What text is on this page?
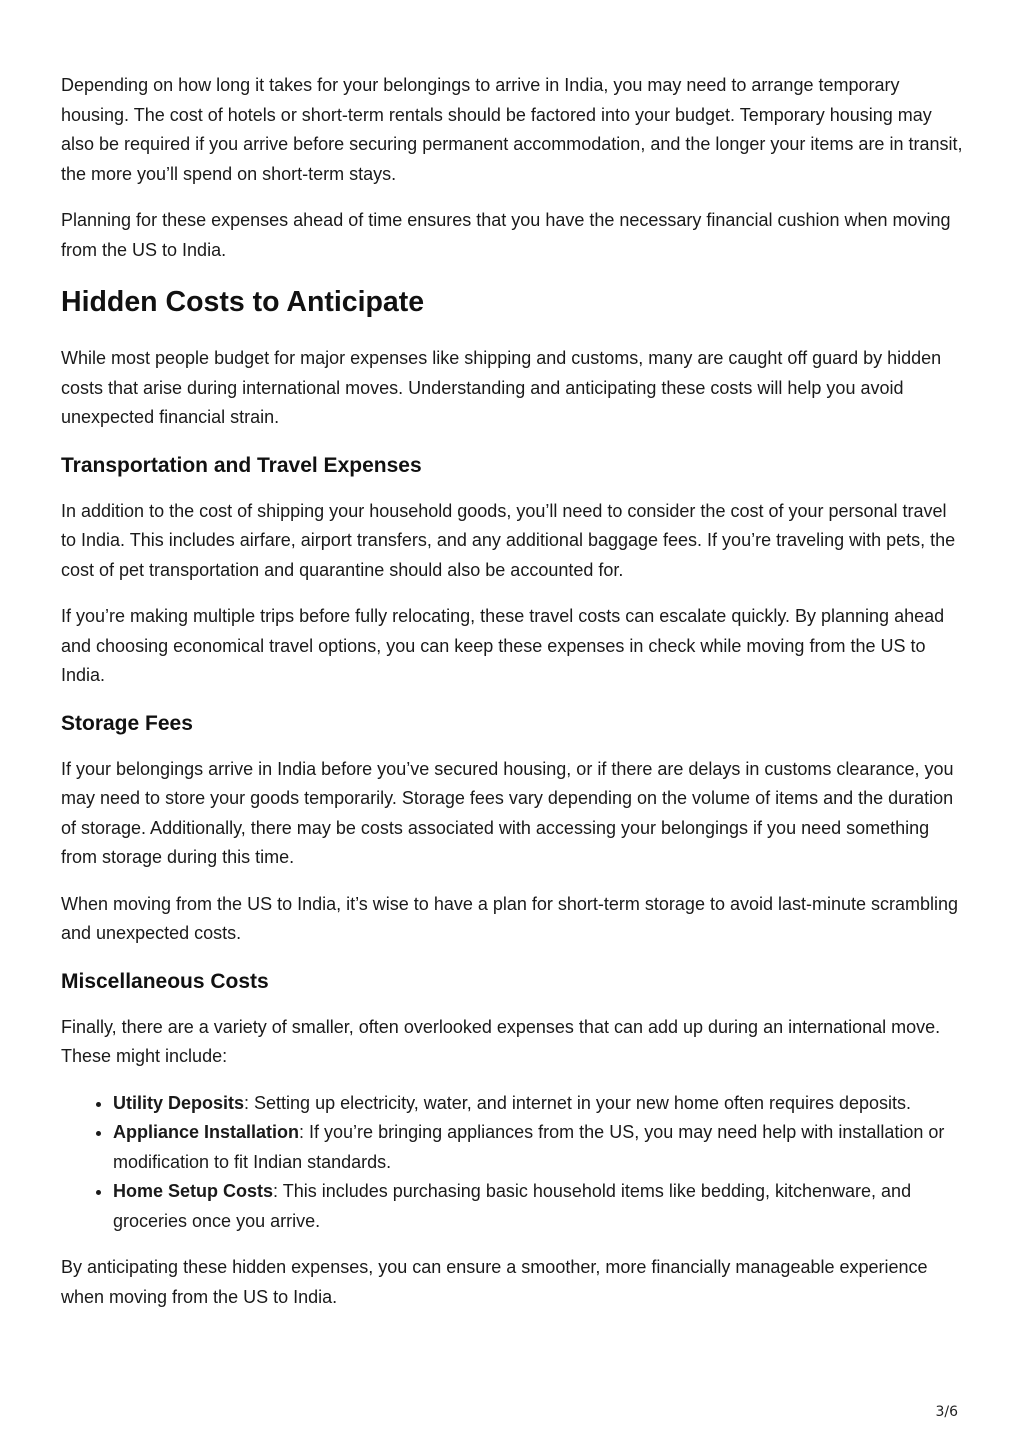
Depending on how long it takes for your belongings to arrive in India, you may need to arrange temporary housing. The cost of hotels or short-term rentals should be factored into your budget. Temporary housing may also be required if you arrive before securing permanent accommodation, and the longer your items are in transit, the more you’ll spend on short-term stays.

Planning for these expenses ahead of time ensures that you have the necessary financial cushion when moving from the US to India.

Hidden Costs to Anticipate

While most people budget for major expenses like shipping and customs, many are caught off guard by hidden costs that arise during international moves. Understanding and anticipating these costs will help you avoid unexpected financial strain.

Transportation and Travel Expenses

In addition to the cost of shipping your household goods, you’ll need to consider the cost of your personal travel to India. This includes airfare, airport transfers, and any additional baggage fees. If you’re traveling with pets, the cost of pet transportation and quarantine should also be accounted for.

If you’re making multiple trips before fully relocating, these travel costs can escalate quickly. By planning ahead and choosing economical travel options, you can keep these expenses in check while moving from the US to India.

Storage Fees

If your belongings arrive in India before you’ve secured housing, or if there are delays in customs clearance, you may need to store your goods temporarily. Storage fees vary depending on the volume of items and the duration of storage. Additionally, there may be costs associated with accessing your belongings if you need something from storage during this time.

When moving from the US to India, it’s wise to have a plan for short-term storage to avoid last-minute scrambling and unexpected costs.

Miscellaneous Costs

Finally, there are a variety of smaller, often overlooked expenses that can add up during an international move. These might include:

• Utility Deposits: Setting up electricity, water, and internet in your new home often requires deposits.
• Appliance Installation: If you’re bringing appliances from the US, you may need help with installation or modification to fit Indian standards.
• Home Setup Costs: This includes purchasing basic household items like bedding, kitchenware, and groceries once you arrive.

By anticipating these hidden expenses, you can ensure a smoother, more financially manageable experience when moving from the US to India.

3/6
